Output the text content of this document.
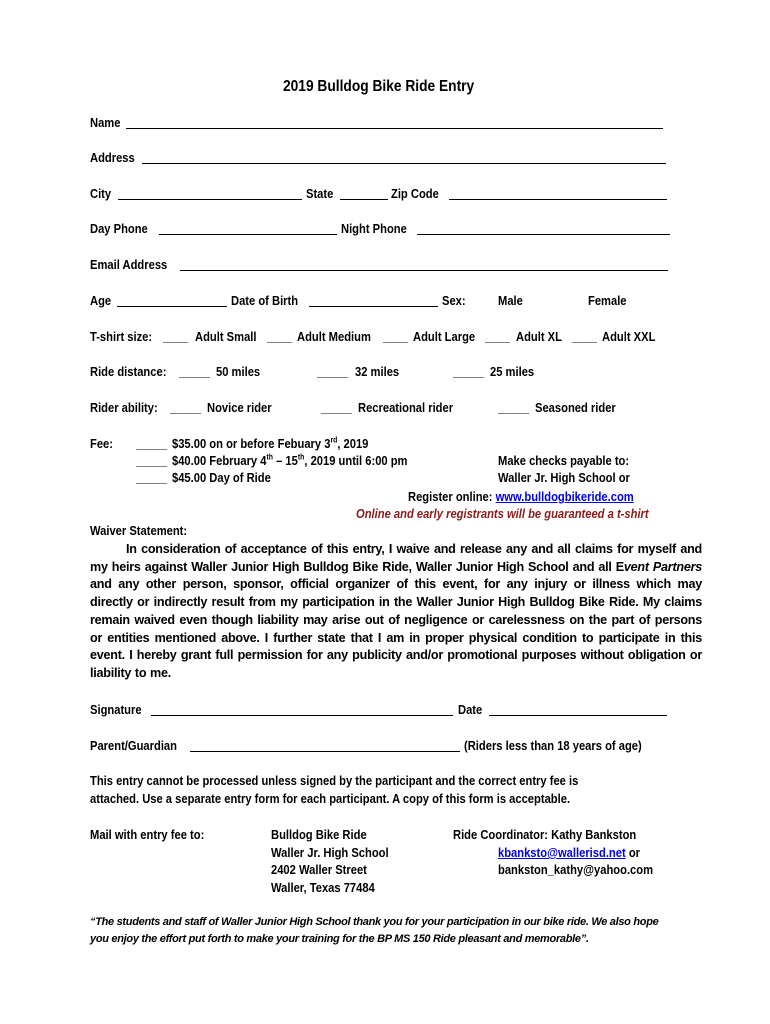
2019 Bulldog Bike Ride Entry
Name
Address
City	State	Zip Code
Day Phone	Night Phone
Email Address
Age	Date of Birth	Sex: Male	Female
T-shirt size: ____ Adult Small ____ Adult Medium ____ Adult Large ____ Adult XL ____ Adult XXL
Ride distance: _____ 50 miles	_____ 32 miles	_____ 25 miles
Rider ability: _____ Novice rider	_____ Recreational rider	_____ Seasoned rider
Fee: _____ $35.00 on or before Febuary 3rd, 2019
_____ $40.00 February 4th – 15th, 2019 until 6:00 pm
_____ $45.00 Day of Ride
Make checks payable to:
Waller Jr. High School or
Register online: www.bulldogbikeride.com
Online and early registrants will be guaranteed a t-shirt
Waiver Statement:
In consideration of acceptance of this entry, I waive and release any and all claims for myself and my heirs against Waller Junior High Bulldog Bike Ride, Waller Junior High School and all Event Partners and any other person, sponsor, official organizer of this event, for any injury or illness which may directly or indirectly result from my participation in the Waller Junior High Bulldog Bike Ride. My claims remain waived even though liability may arise out of negligence or carelessness on the part of persons or entities mentioned above. I further state that I am in proper physical condition to participate in this event. I hereby grant full permission for any publicity and/or promotional purposes without obligation or liability to me.
Signature	Date
Parent/Guardian	(Riders less than 18 years of age)
This entry cannot be processed unless signed by the participant and the correct entry fee is
attached. Use a separate entry form for each participant. A copy of this form is acceptable.
Mail with entry fee to:	Bulldog Bike Ride
Waller Jr. High School
2402 Waller Street
Waller, Texas 77484
Ride Coordinator: Kathy Bankston
kbanksto@wallerisd.net or
bankston_kathy@yahoo.com
“The students and staff of Waller Junior High School thank you for your participation in our bike ride. We also hope
you enjoy the effort put forth to make your training for the BP MS 150 Ride pleasant and memorable”.
